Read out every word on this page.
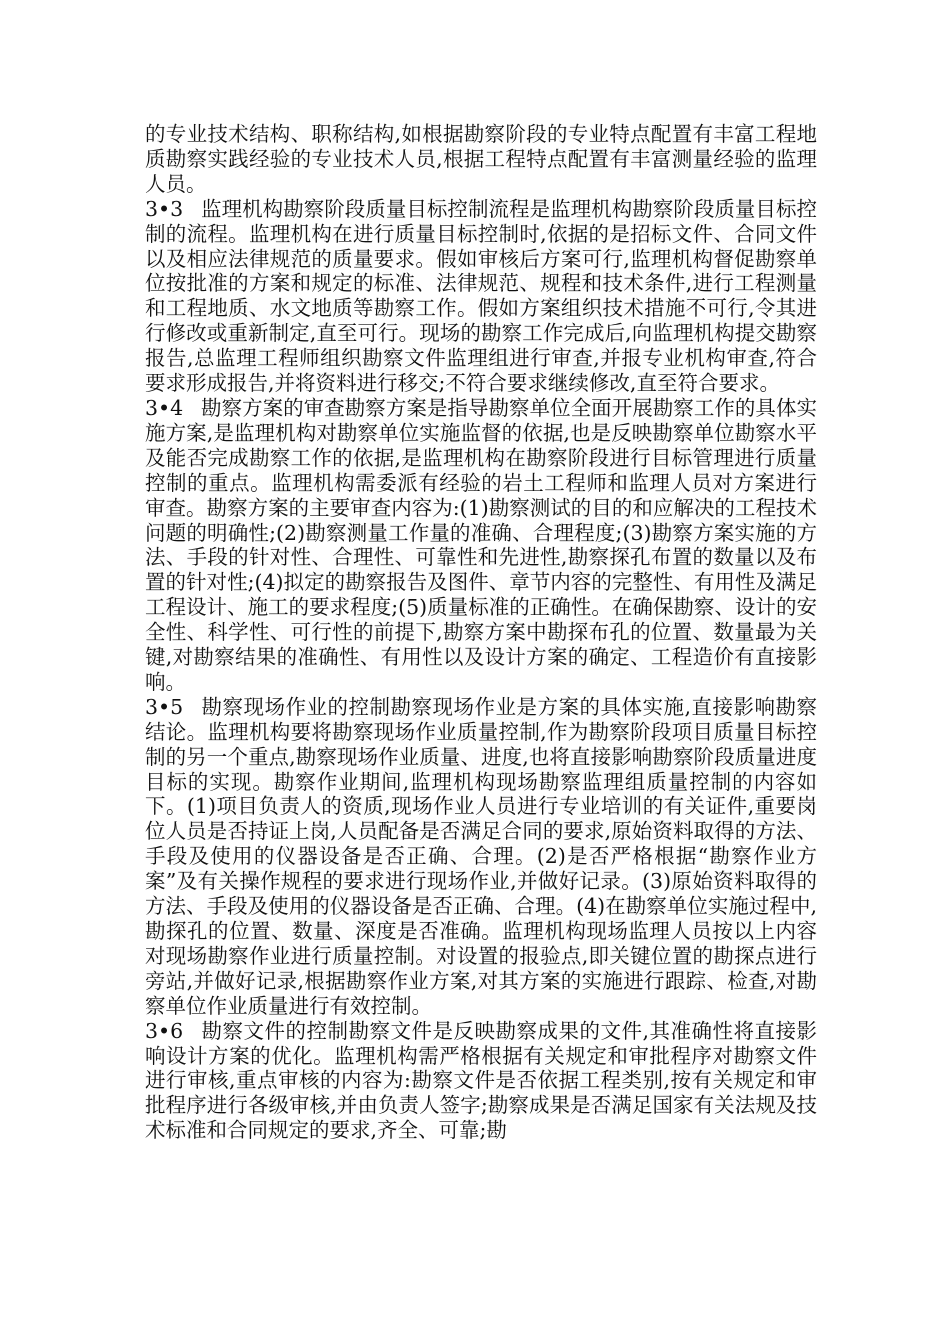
的专业技术结构、职称结构,如根据勘察阶段的专业特点配置有丰富工程地质勘察实践经验的专业技术人员,根据工程特点配置有丰富测量经验的监理人员。

3•3 监理机构勘察阶段质量目标控制流程是监理机构勘察阶段质量目标控制的流程。监理机构在进行质量目标控制时,依据的是招标文件、合同文件以及相应法律规范的质量要求。假如审核后方案可行,监理机构督促勘察单位按批准的方案和规定的标准、法律规范、规程和技术条件,进行工程测量和工程地质、水文地质等勘察工作。假如方案组织技术措施不可行,令其进行修改或重新制定,直至可行。现场的勘察工作完成后,向监理机构提交勘察报告,总监理工程师组织勘察文件监理组进行审查,并报专业机构审查,符合要求形成报告,并将资料进行移交;不符合要求继续修改,直至符合要求。

3•4 勘察方案的审查勘察方案是指导勘察单位全面开展勘察工作的具体实施方案,是监理机构对勘察单位实施监督的依据,也是反映勘察单位勘察水平及能否完成勘察工作的依据,是监理机构在勘察阶段进行目标管理进行质量控制的重点。监理机构需委派有经验的岩土工程师和监理人员对方案进行审查。勘察方案的主要审查内容为:(1)勘察测试的目的和应解决的工程技术问题的明确性;(2)勘察测量工作量的准确、合理程度;(3)勘察方案实施的方法、手段的针对性、合理性、可靠性和先进性,勘察探孔布置的数量以及布置的针对性;(4)拟定的勘察报告及图件、章节内容的完整性、有用性及满足工程设计、施工的要求程度;(5)质量标准的正确性。在确保勘察、设计的安全性、科学性、可行性的前提下,勘察方案中勘探布孔的位置、数量最为关键,对勘察结果的准确性、有用性以及设计方案的确定、工程造价有直接影响。

3•5 勘察现场作业的控制勘察现场作业是方案的具体实施,直接影响勘察结论。监理机构要将勘察现场作业质量控制,作为勘察阶段项目质量目标控制的另一个重点,勘察现场作业质量、进度,也将直接影响勘察阶段质量进度目标的实现。勘察作业期间,监理机构现场勘察监理组质量控制的内容如下。(1)项目负责人的资质,现场作业人员进行专业培训的有关证件,重要岗位人员是否持证上岗,人员配备是否满足合同的要求,原始资料取得的方法、手段及使用的仪器设备是否正确、合理。(2)是否严格根据“勘察作业方案”及有关操作规程的要求进行现场作业,并做好记录。(3)原始资料取得的方法、手段及使用的仪器设备是否正确、合理。(4)在勘察单位实施过程中,勘探孔的位置、数量、深度是否准确。监理机构现场监理人员按以上内容对现场勘察作业进行质量控制。对设置的报验点,即关键位置的勘探点进行旁站,并做好记录,根据勘察作业方案,对其方案的实施进行跟踪、检查,对勘察单位作业质量进行有效控制。

3•6 勘察文件的控制勘察文件是反映勘察成果的文件,其准确性将直接影响设计方案的优化。监理机构需严格根据有关规定和审批程序对勘察文件进行审核,重点审核的内容为:勘察文件是否依据工程类别,按有关规定和审批程序进行各级审核,并由负责人签字;勘察成果是否满足国家有关法规及技术标准和合同规定的要求,齐全、可靠;勘
